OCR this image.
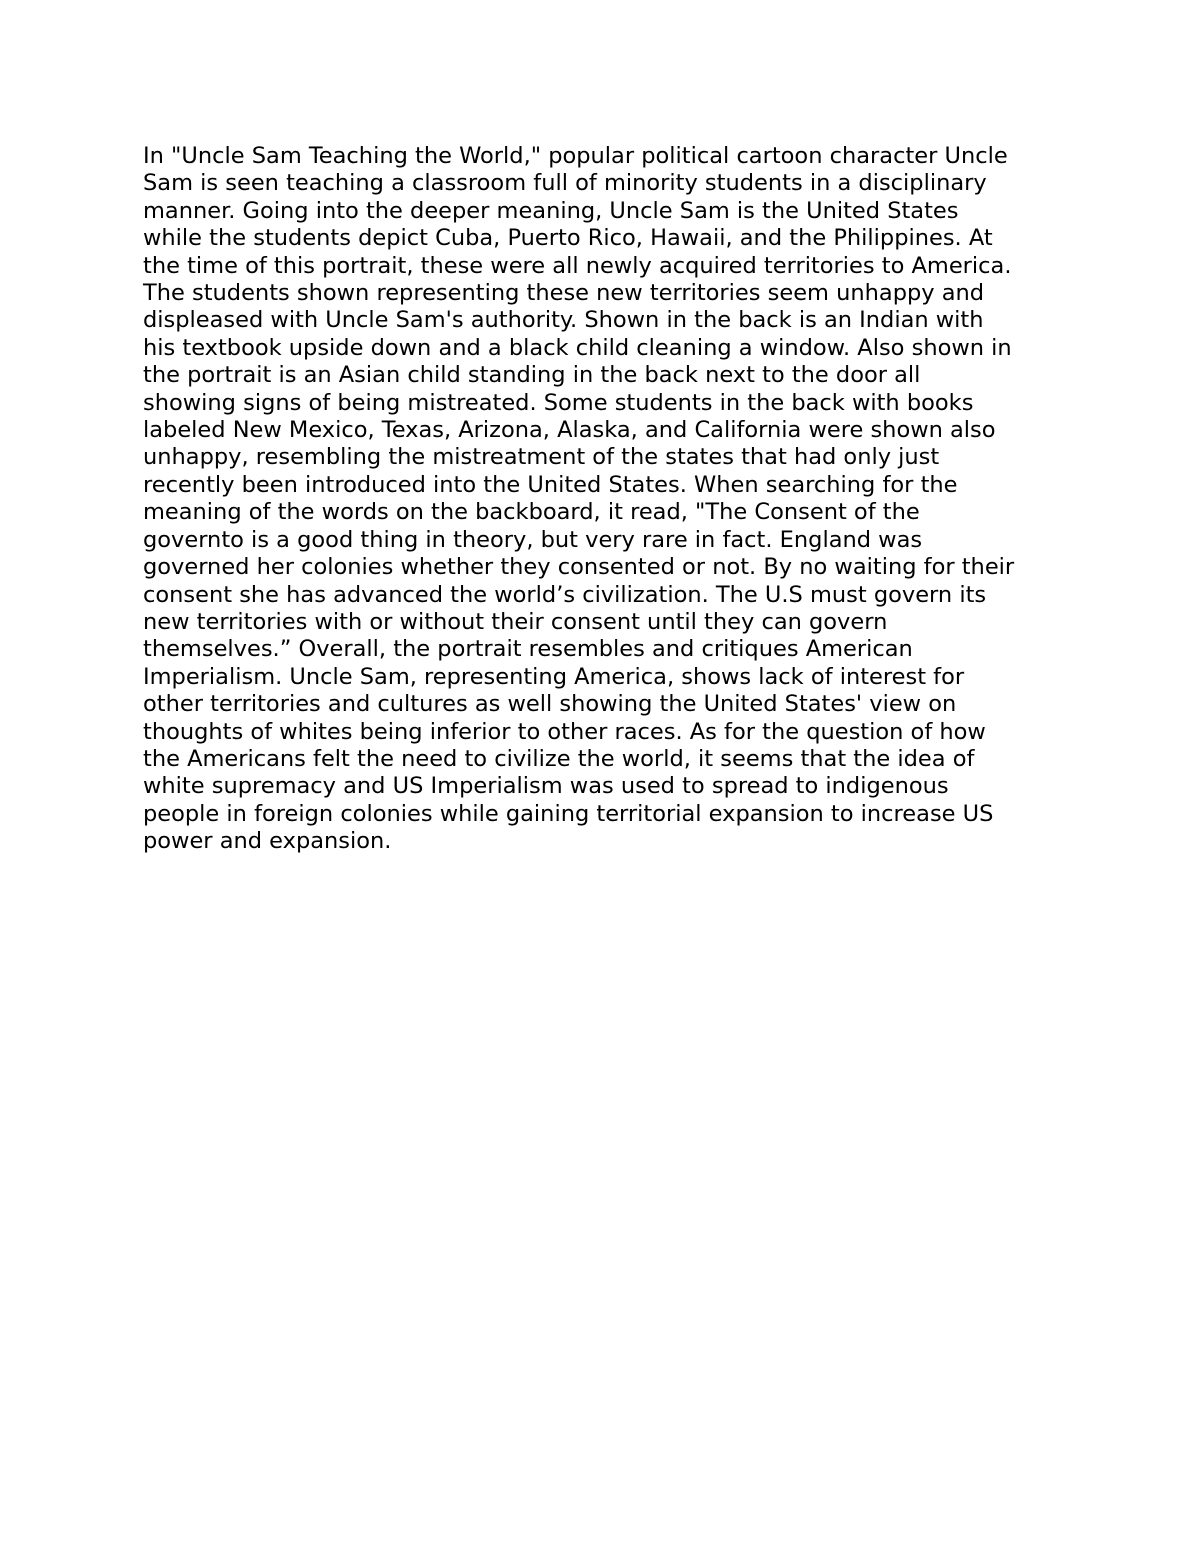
In "Uncle Sam Teaching the World," popular political cartoon character Uncle
Sam is seen teaching a classroom full of minority students in a disciplinary
manner. Going into the deeper meaning, Uncle Sam is the United States
while the students depict Cuba, Puerto Rico, Hawaii, and the Philippines. At
the time of this portrait, these were all newly acquired territories to America.
The students shown representing these new territories seem unhappy and
displeased with Uncle Sam's authority. Shown in the back is an Indian with
his textbook upside down and a black child cleaning a window. Also shown in
the portrait is an Asian child standing in the back next to the door all
showing signs of being mistreated. Some students in the back with books
labeled New Mexico, Texas, Arizona, Alaska, and California were shown also
unhappy, resembling the mistreatment of the states that had only just
recently been introduced into the United States. When searching for the
meaning of the words on the backboard, it read, "The Consent of the
governto is a good thing in theory, but very rare in fact. England was
governed her colonies whether they consented or not. By no waiting for their
consent she has advanced the world’s civilization. The U.S must govern its
new territories with or without their consent until they can govern
themselves.” Overall, the portrait resembles and critiques American
Imperialism. Uncle Sam, representing America, shows lack of interest for
other territories and cultures as well showing the United States' view on
thoughts of whites being inferior to other races. As for the question of how
the Americans felt the need to civilize the world, it seems that the idea of
white supremacy and US Imperialism was used to spread to indigenous
people in foreign colonies while gaining territorial expansion to increase US
power and expansion.
